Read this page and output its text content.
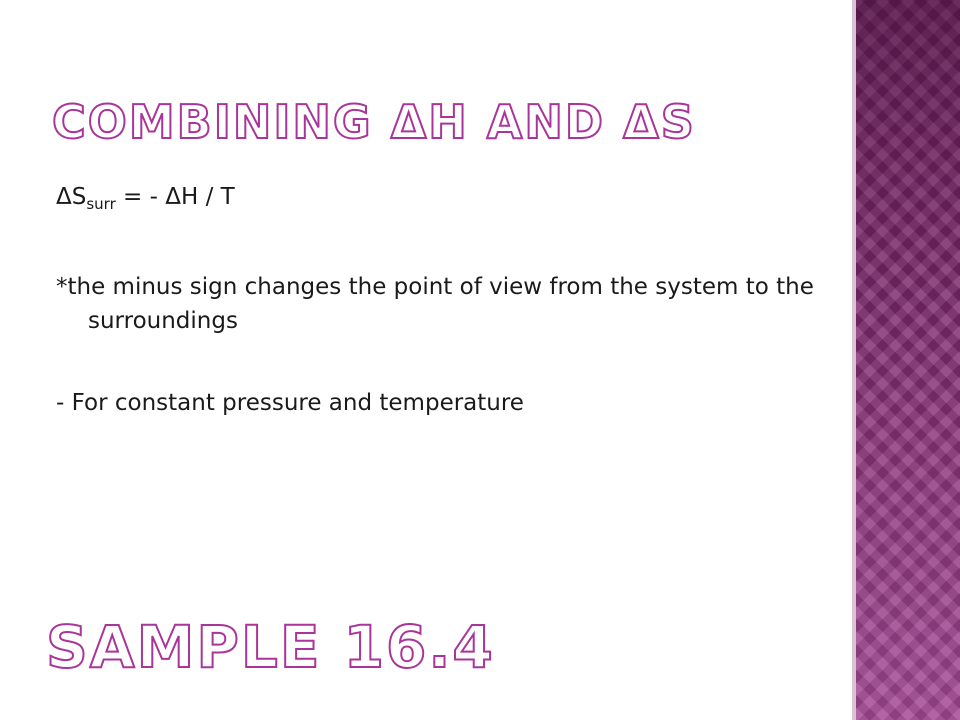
COMBINING ΔH AND ΔS

$\Delta S_{surr}$ = - ΔH / T

*the minus sign changes the point of view from the system to the surroundings

- For constant pressure and temperature

SAMPLE 16.4
